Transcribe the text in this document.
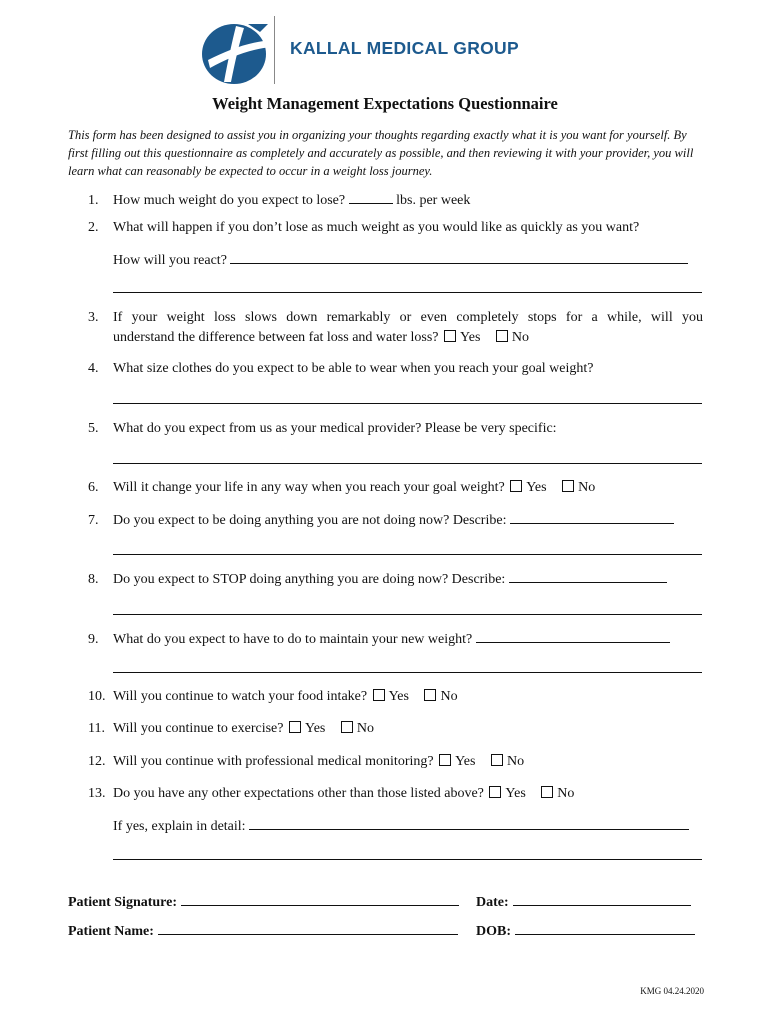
KALLAL MEDICAL GROUP
Weight Management Expectations Questionnaire
This form has been designed to assist you in organizing your thoughts regarding exactly what it is you want for yourself. By first filling out this questionnaire as completely and accurately as possible, and then reviewing it with your provider, you will learn what can reasonably be expected to occur in a weight loss journey.
1. How much weight do you expect to lose?	lbs. per week
2. What will happen if you don’t lose as much weight as you would like as quickly as you want?
How will you react?
3.	If your weight loss slows down remarkably or even completely stops for a while, will you
understand the difference between fat loss and water loss? Yes No
4. What size clothes do you expect to be able to wear when you reach your goal weight?
5. What do you expect from us as your medical provider? Please be very specific:
6. Will it change your life in any way when you reach your goal weight? Yes No
7. Do you expect to be doing anything you are not doing now? Describe:
8. Do you expect to STOP doing anything you are doing now? Describe:
9. What do you expect to have to do to maintain your new weight?
10. Will you continue to watch your food intake? Yes No
11. Will you continue to exercise? Yes No
12. Will you continue with professional medical monitoring? Yes No
13. Do you have any other expectations other than those listed above? Yes No
If yes, explain in detail:
Patient Signature:	Date:
Patient Name:	DOB:
KMG 04.24.2020
